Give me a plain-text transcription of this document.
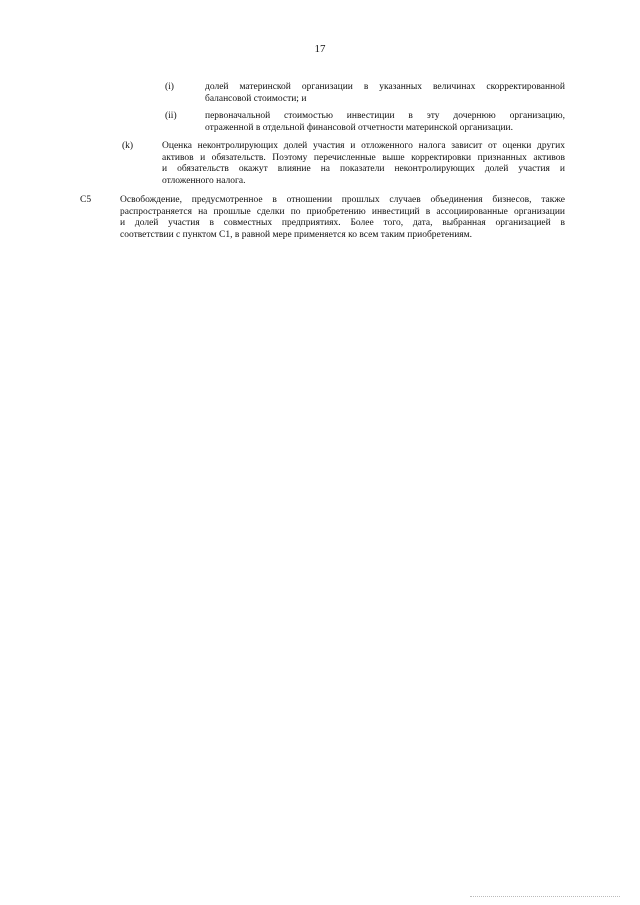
17
(i)	долей материнской организации в указанных величинах скорректированной
балансовой стоимости; и
(ii)	первоначальной стоимостью инвестиции в эту дочернюю организацию,
отраженной в отдельной финансовой отчетности материнской организации.
(k)	Оценка неконтролирующих долей участия и отложенного налога зависит от оценки других
активов и обязательств. Поэтому перечисленные выше корректировки признанных активов
и обязательств окажут влияние на показатели неконтролирующих долей участия и
отложенного налога.
C5	Освобождение, предусмотренное в отношении прошлых случаев объединения бизнесов, также
распространяется на прошлые сделки по приобретению инвестиций в ассоциированные организации
и долей участия в совместных предприятиях. Более того, дата, выбранная организацией в
соответствии с пунктом C1, в равной мере применяется ко всем таким приобретениям.
